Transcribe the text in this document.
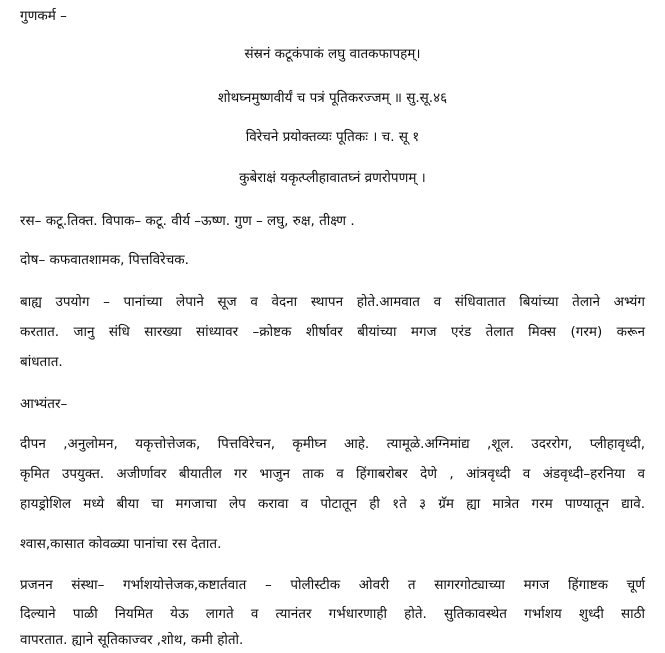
गुणकर्म –
संस्रनं कटूकंपाकं लघु वातकफापहम्।
शोथघ्नमुष्णवीर्यं च पत्रं पूतिकरज्जम् ॥ सु.सू.४६
विरेचने प्रयोक्तव्यः पूतिकः । च. सू १
कुबेराक्षं यकृत्प्लीहावातघ्नं व्रणरोपणम् ।
रस– कटू.तिक्त. विपाक– कटू. वीर्य –ऊष्ण. गुण – लघु, रुक्ष, तीक्ष्ण .
दोष– कफवातशामक, पित्तविरेचक.
बाह्य उपयोग – पानांच्या लेपाने सूज व वेदना स्थापन होते.आमवात व संधिवातात बियांच्या तेलाने अभ्यंग
करतात. जानु संधि सारख्या सांध्यावर –क्रोष्टक शीर्षावर बीयांच्या मगज एरंड तेलात मिक्स (गरम) करून
बांधतात.
आभ्यंतर–
दीपन ,अनुलोमन, यकृत्तोत्तेजक, पित्तविरेचन, कृमीघ्न आहे. त्यामूळे.अग्निमांद्य ,शूल. उदररोग, प्लीहावृध्दी,
कृमित उपयुक्त. अजीर्णावर बीयातील गर भाजुन ताक व हिंगाबरोबर देणे , आंत्रवृध्दी व अंडवृध्दी–हरनिया व
हायड्रोशिल मध्ये बीया चा मगजाचा लेप करावा व पोटातून ही १ते ३ ग्रॅम ह्या मात्रेत गरम पाण्यातून द्यावे.
श्वास,कासात कोवळ्या पानांचा रस देतात.
प्रजनन संस्था– गर्भाशयोत्तेजक,कष्टार्तवात – पोलीस्टीक ओवरी त सागरगोट्याच्या मगज हिंगाष्टक चूर्ण
दिल्याने पाळी नियमित येऊ लागते व त्यानंतर गर्भधारणाही होते. सुतिकावस्थेत गर्भाशय शुध्दी साठी
वापरतात. ह्याने सूतिकाज्वर ,शोथ, कमी होतो.
